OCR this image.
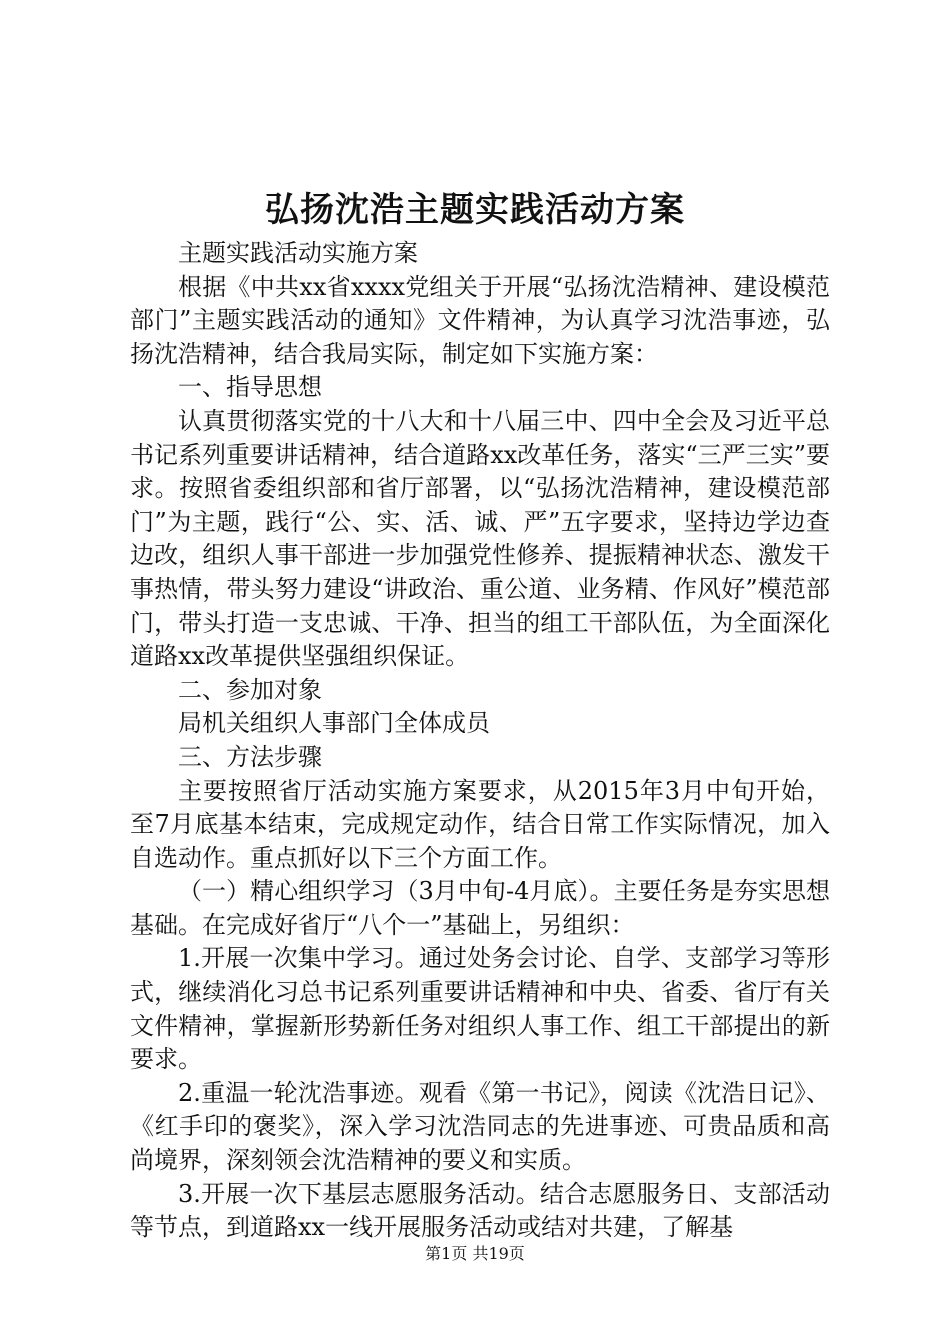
弘扬沈浩主题实践活动方案

主题实践活动实施方案

根据《中共xx省xxxx党组关于开展“弘扬沈浩精神、建设模范部门”主题实践活动的通知》文件精神，为认真学习沈浩事迹，弘扬沈浩精神，结合我局实际，制定如下实施方案：

一、指导思想

认真贯彻落实党的十八大和十八届三中、四中全会及习近平总书记系列重要讲话精神，结合道路xx改革任务，落实“三严三实”要求。按照省委组织部和省厅部署，以“弘扬沈浩精神，建设模范部门”为主题，践行“公、实、活、诚、严”五字要求，坚持边学边查边改，组织人事干部进一步加强党性修养、提振精神状态、激发干事热情，带头努力建设“讲政治、重公道、业务精、作风好”模范部门，带头打造一支忠诚、干净、担当的组工干部队伍，为全面深化道路xx改革提供坚强组织保证。

二、参加对象

局机关组织人事部门全体成员

三、方法步骤

主要按照省厅活动实施方案要求，从2015年3月中旬开始，至7月底基本结束，完成规定动作，结合日常工作实际情况，加入自选动作。重点抓好以下三个方面工作。

（一）精心组织学习（3月中旬-4月底）。主要任务是夯实思想基础。在完成好省厅“八个一”基础上，另组织：

1.开展一次集中学习。通过处务会讨论、自学、支部学习等形式，继续消化习总书记系列重要讲话精神和中央、省委、省厅有关文件精神，掌握新形势新任务对组织人事工作、组工干部提出的新要求。

2.重温一轮沈浩事迹。观看《第一书记》，阅读《沈浩日记》、《红手印的褒奖》，深入学习沈浩同志的先进事迹、可贵品质和高尚境界，深刻领会沈浩精神的要义和实质。

3.开展一次下基层志愿服务活动。结合志愿服务日、支部活动等节点，到道路xx一线开展服务活动或结对共建，了解基

第1页 共19页
